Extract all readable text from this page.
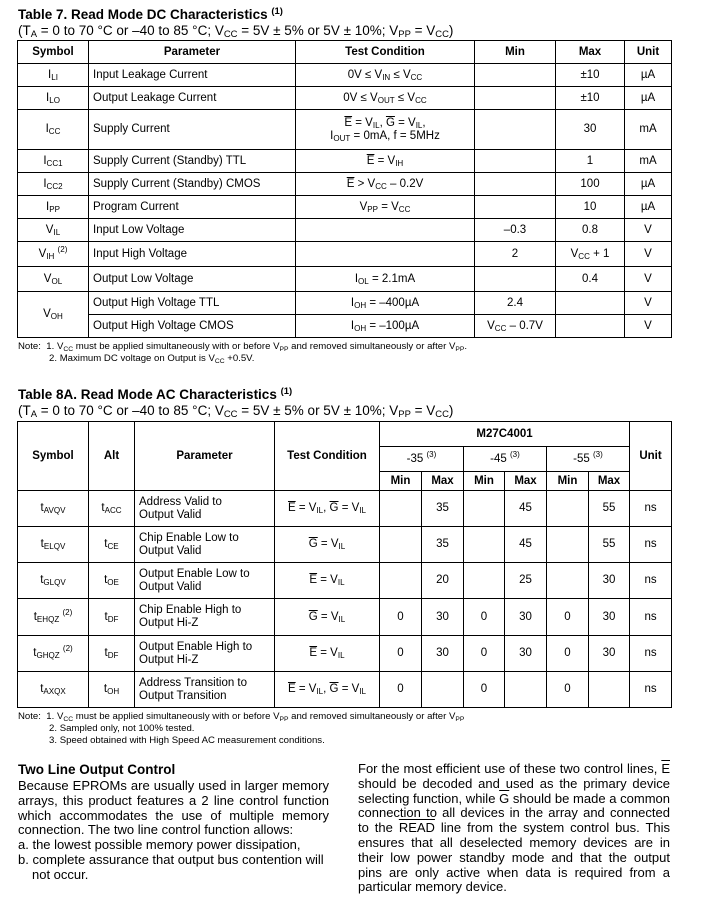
Table 7. Read Mode DC Characteristics $^{(1)}$
($T_A = 0$ to 70 °C or –40 to 85 °C; $V_{CC} = 5V \pm 5\%$ or 5V ± 10%; $V_{PP} = V_{CC}$)
Symbol	Parameter	Test Condition	Min	Max	Unit
$I_{LI}$	Input Leakage Current	$0V \le V_{IN} \le V_{CC}$		±10	µA
$I_{LO}$	Output Leakage Current	$0V \le V_{OUT} \le V_{CC}$		±10	µA
$I_{CC}$	Supply Current	$\overline{E} = V_{IL}$, $\overline{G} = V_{IL}$,
$I_{OUT} = 0mA$, f = 5MHz		30	mA
$I_{CC1}$	Supply Current (Standby) TTL	$\overline{E} = V_{IH}$		1	mA
$I_{CC2}$	Supply Current (Standby) CMOS	$\overline{E} > V_{CC} - 0.2V$		100	µA
$I_{PP}$	Program Current	$V_{PP} = V_{CC}$		10	µA
$V_{IL}$	Input Low Voltage		–0.3	0.8	V
$V_{IH}$ $^{(2)}$	Input High Voltage		2	$V_{CC} + 1$	V
$V_{OL}$	Output Low Voltage	$I_{OL} = 2.1mA$		0.4	V
$V_{OH}$	Output High Voltage TTL	$I_{OH} = -400\mu A$	2.4		V
	Output High Voltage CMOS	$I_{OH} = -100\mu A$	$V_{CC} - 0.7V$		V
Note: 1. $V_{CC}$ must be applied simultaneously with or before $V_{PP}$ and removed simultaneously or after $V_{PP}$.
2. Maximum DC voltage on Output is $V_{CC} +0.5V$.
Table 8A. Read Mode AC Characteristics $^{(1)}$
($T_A = 0$ to 70 °C or –40 to 85 °C; $V_{CC} = 5V \pm 5\%$ or 5V ± 10%; $V_{PP} = V_{CC}$)
Symbol	Alt	Parameter	Test Condition	M27C4001						Unit
				-35 $^{(3)}$		-45 $^{(3)}$		-55 $^{(3)}$
				Min	Max	Min	Max	Min	Max	
$t_{AVQV}$	$t_{ACC}$	Address Valid to
Output Valid	$\overline{E} = V_{IL}$, $\overline{G} = V_{IL}$		35		45		55	ns
$t_{ELQV}$	$t_{CE}$	Chip Enable Low to
Output Valid	$\overline{G} = V_{IL}$		35		45		55	ns
$t_{GLQV}$	$t_{OE}$	Output Enable Low to
Output Valid	$\overline{E} = V_{IL}$		20		25		30	ns
$t_{EHQZ}$ $^{(2)}$	$t_{DF}$	Chip Enable High to
Output Hi-Z	$\overline{G} = V_{IL}$	0	30	0	30	0	30	ns
$t_{GHQZ}$ $^{(2)}$	$t_{DF}$	Output Enable High to
Output Hi-Z	$\overline{E} = V_{IL}$	0	30	0	30	0	30	ns
$t_{AXQX}$	$t_{OH}$	Address Transition to
Output Transition	$\overline{E} = V_{IL}$, $\overline{G} = V_{IL}$	0		0		0		ns
Note: 1. $V_{CC}$ must be applied simultaneously with or before $V_{PP}$ and removed simultaneously or after $V_{PP}$
2. Sampled only, not 100% tested.
3. Speed obtained with High Speed AC measurement conditions.
Two Line Output Control

Because EPROMs are usually used in larger memory arrays, this product features a 2 line control function which accommodates the use of multiple memory connection. The two line control function allows:

a. the lowest possible memory power dissipation,

b. complete assurance that output bus contention will not occur.

For the most efficient use of these two control lines, $\overline{E}$ should be decoded and used as the primary device selecting function, while $\overline{G}$ should be made a common connection to all devices in the array and connected to the READ line from the system control bus. This ensures that all deselected memory devices are in their low power standby mode and that the output pins are only active when data is required from a particular memory device.
